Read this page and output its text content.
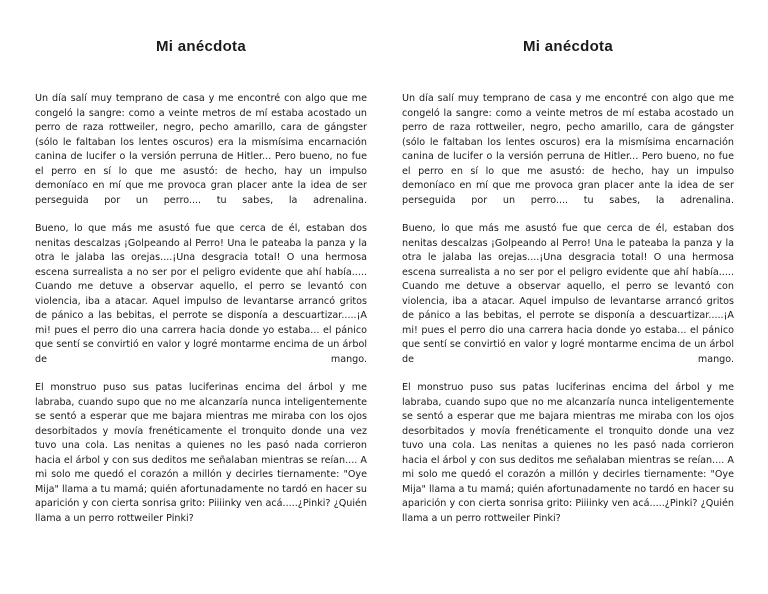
Mi anécdota

Un día salí muy temprano de casa y me encontré con algo que me congeló la sangre: como a veinte metros de mí estaba acostado un perro de raza rottweiler, negro, pecho amarillo, cara de gángster (sólo le faltaban los lentes oscuros) era la mismísima encarnación canina de lucifer o la versión perruna de Hitler... Pero bueno, no fue el perro en sí lo que me asustó: de hecho, hay un impulso demoníaco en mí que me provoca gran placer ante la idea de ser perseguida por un perro.... tu sabes, la adrenalina.

Bueno, lo que más me asustó fue que cerca de él, estaban dos nenitas descalzas ¡Golpeando al Perro! Una le pateaba la panza y la otra le jalaba las orejas....¡Una desgracia total! O una hermosa escena surrealista a no ser por el peligro evidente que ahí había..... Cuando me detuve a observar aquello, el perro se levantó con violencia, iba a atacar. Aquel impulso de levantarse arrancó gritos de pánico a las bebitas, el perrote se disponía a descuartizar.....¡A mi! pues el perro dio una carrera hacia donde yo estaba... el pánico que sentí se convirtió en valor y logré montarme encima de un árbol de mango.

El monstruo puso sus patas luciferinas encima del árbol y me labraba, cuando supo que no me alcanzaría nunca inteligentemente se sentó a esperar que me bajara mientras me miraba con los ojos desorbitados y movía frenéticamente el tronquito donde una vez tuvo una cola. Las nenitas a quienes no les pasó nada corrieron hacia el árbol y con sus deditos me señalaban mientras se reían.... A mi solo me quedó el corazón a millón y decirles tiernamente: "Oye Mija" llama a tu mamá; quién afortunadamente no tardó en hacer su aparición y con cierta sonrisa grito: Piiiinky ven acá.....¿Pinki? ¿Quién llama a un perro rottweiler Pinki?

Mi anécdota

Un día salí muy temprano de casa y me encontré con algo que me congeló la sangre: como a veinte metros de mí estaba acostado un perro de raza rottweiler, negro, pecho amarillo, cara de gángster (sólo le faltaban los lentes oscuros) era la mismísima encarnación canina de lucifer o la versión perruna de Hitler... Pero bueno, no fue el perro en sí lo que me asustó: de hecho, hay un impulso demoníaco en mí que me provoca gran placer ante la idea de ser perseguida por un perro.... tu sabes, la adrenalina.

Bueno, lo que más me asustó fue que cerca de él, estaban dos nenitas descalzas ¡Golpeando al Perro! Una le pateaba la panza y la otra le jalaba las orejas....¡Una desgracia total! O una hermosa escena surrealista a no ser por el peligro evidente que ahí había..... Cuando me detuve a observar aquello, el perro se levantó con violencia, iba a atacar. Aquel impulso de levantarse arrancó gritos de pánico a las bebitas, el perrote se disponía a descuartizar.....¡A mi! pues el perro dio una carrera hacia donde yo estaba... el pánico que sentí se convirtió en valor y logré montarme encima de un árbol de mango.

El monstruo puso sus patas luciferinas encima del árbol y me labraba, cuando supo que no me alcanzaría nunca inteligentemente se sentó a esperar que me bajara mientras me miraba con los ojos desorbitados y movía frenéticamente el tronquito donde una vez tuvo una cola. Las nenitas a quienes no les pasó nada corrieron hacia el árbol y con sus deditos me señalaban mientras se reían.... A mi solo me quedó el corazón a millón y decirles tiernamente: "Oye Mija" llama a tu mamá; quién afortunadamente no tardó en hacer su aparición y con cierta sonrisa grito: Piiiinky ven acá.....¿Pinki? ¿Quién llama a un perro rottweiler Pinki?
